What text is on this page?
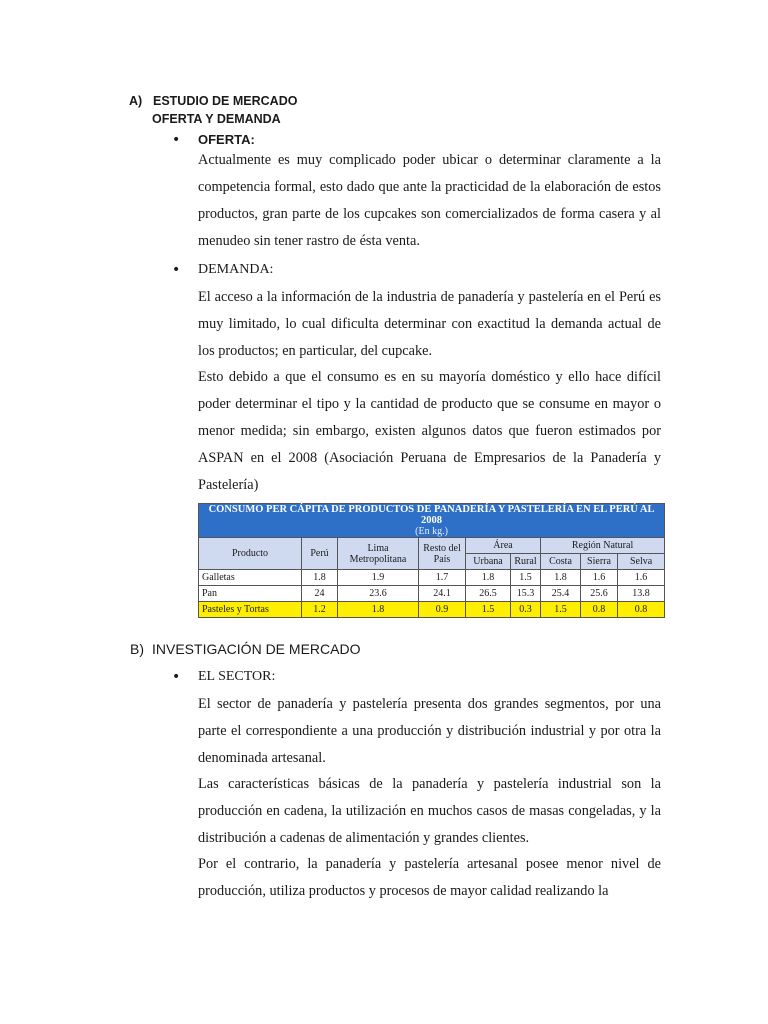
A) ESTUDIO DE MERCADO
OFERTA Y DEMANDA
• OFERTA:

Actualmente es muy complicado poder ubicar o determinar claramente a la competencia formal, esto dado que ante la practicidad de la elaboración de estos productos, gran parte de los cupcakes son comercializados de forma casera y al menudeo sin tener rastro de ésta venta.

• DEMANDA:

El acceso a la información de la industria de panadería y pastelería en el Perú es muy limitado, lo cual dificulta determinar con exactitud la demanda actual de los productos; en particular, del cupcake.

Esto debido a que el consumo es en su mayoría doméstico y ello hace difícil poder determinar el tipo y la cantidad de producto que se consume en mayor o menor medida; sin embargo, existen algunos datos que fueron estimados por ASPAN en el 2008 (Asociación Peruana de Empresarios de la Panadería y Pastelería)

CONSUMO PER CÁPITA DE PRODUCTOS DE PANADERÍA Y PASTELERÍA EN EL PERÚ AL 2008
(En kg.)								

Producto	Perú	Lima Metropolitana	Resto del País	Área		Región Natural		
				Urbana	Rural	Costa	Sierra	Selva
Galletas	1.8	1.9	1.7	1.8	1.5	1.8	1.6	1.6
Pan	24	23.6	24.1	26.5	15.3	25.4	25.6	13.8
Pasteles y Tortas	1.2	1.8	0.9	1.5	0.3	1.5	0.8	0.8
B) INVESTIGACIÓN DE MERCADO
• EL SECTOR:

El sector de panadería y pastelería presenta dos grandes segmentos, por una parte el correspondiente a una producción y distribución industrial y por otra la denominada artesanal.

Las características básicas de la panadería y pastelería industrial son la producción en cadena, la utilización en muchos casos de masas congeladas, y la distribución a cadenas de alimentación y grandes clientes.

Por el contrario, la panadería y pastelería artesanal posee menor nivel de producción, utiliza productos y procesos de mayor calidad realizando la
